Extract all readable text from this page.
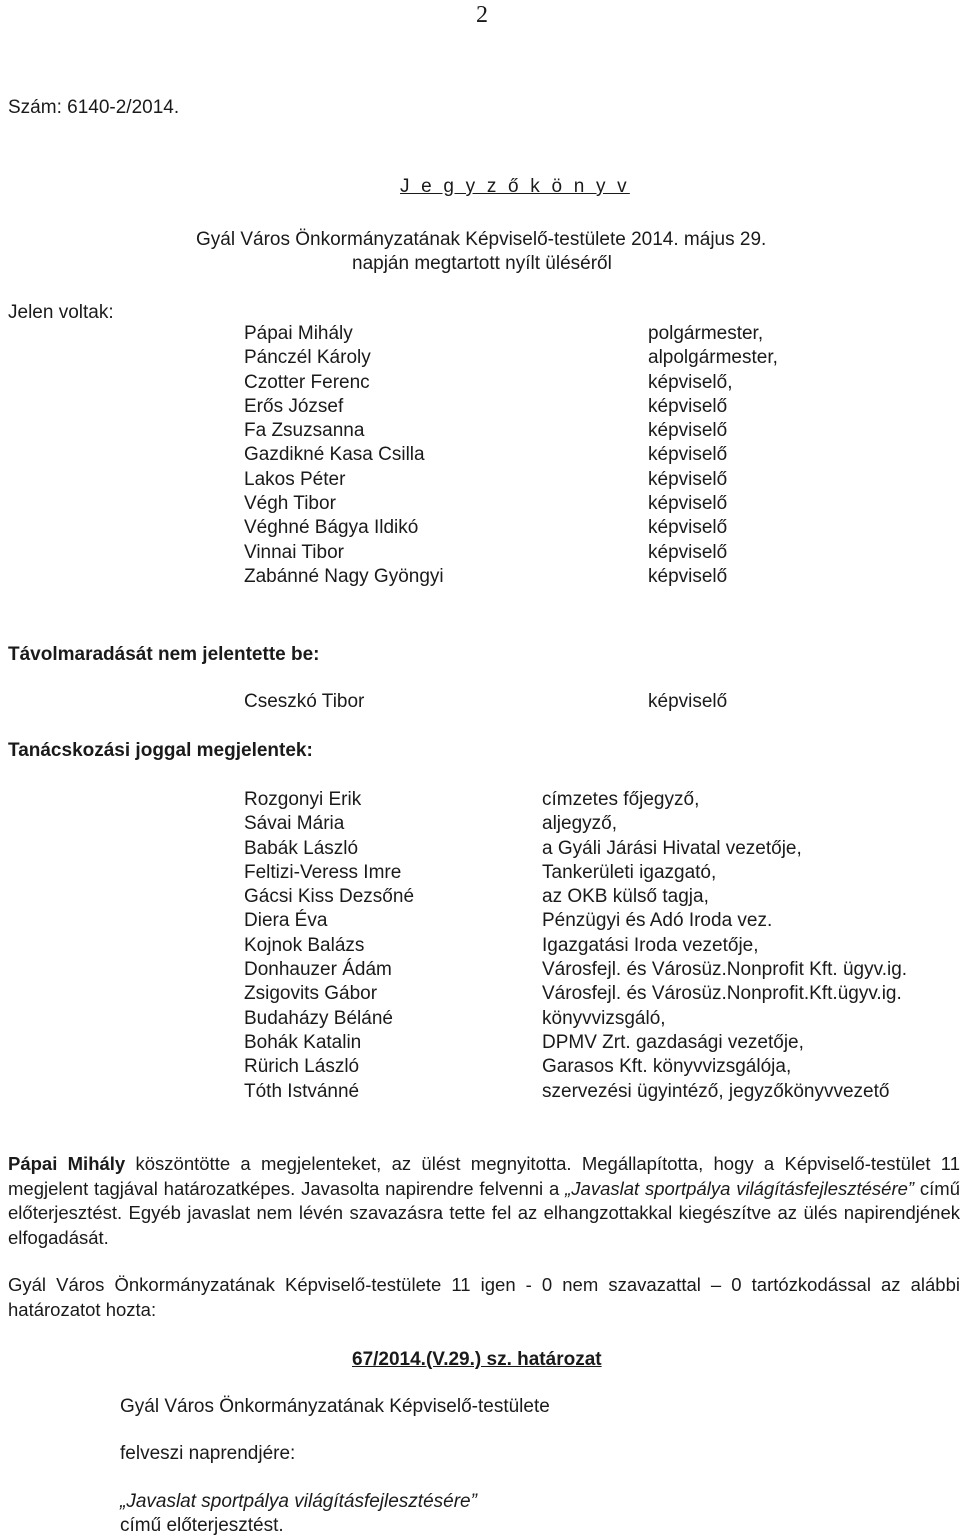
2
Szám: 6140-2/2014.
J e g y z ő k ö n y v
Gyál Város Önkormányzatának Képviselő-testülete 2014. május 29.
napján megtartott nyílt üléséről
Jelen voltak:
Pápai Mihály
Pánczél Károly
Czotter Ferenc
Erős József
Fa Zsuzsanna
Gazdikné Kasa Csilla
Lakos Péter
Végh Tibor
Véghné Bágya Ildikó
Vinnai Tibor
Zabánné Nagy Gyöngyi
polgármester,
alpolgármester,
képviselő,
képviselő
képviselő
képviselő
képviselő
képviselő
képviselő
képviselő
képviselő
Távolmaradását nem jelentette be:
Cseszkó Tibor	képviselő
Tanácskozási joggal megjelentek:
Rozgonyi Erik
Sávai Mária
Babák László
Feltizi-Veress Imre
Gácsi Kiss Dezsőné
Diera Éva
Kojnok Balázs
Donhauzer Ádám
Zsigovits Gábor
Budaházy Béláné
Bohák Katalin
Rürich László
Tóth Istvánné
címzetes főjegyző,
aljegyző,
a Gyáli Járási Hivatal vezetője,
Tankerületi igazgató,
az OKB külső tagja,
Pénzügyi és Adó Iroda vez.
Igazgatási Iroda vezetője,
Városfejl. és Városüz.Nonprofit Kft. ügyv.ig.
Városfejl. és Városüz.Nonprofit.Kft.ügyv.ig.
könyvvizsgáló,
DPMV Zrt. gazdasági vezetője,
Garasos Kft. könyvvizsgálója,
szervezési ügyintéző, jegyzőkönyvvezető
Pápai Mihály köszöntötte a megjelenteket, az ülést megnyitotta. Megállapította, hogy a Képviselő-testület 11 megjelent tagjával határozatképes. Javasolta napirendre felvenni a „Javaslat sportpálya világításfejlesztésére” című előterjesztést. Egyéb javaslat nem lévén szavazásra tette fel az elhangzottakkal kiegészítve az ülés napirendjének elfogadását.
Gyál Város Önkormányzatának Képviselő-testülete 11 igen - 0 nem szavazattal – 0 tartózkodással az alábbi határozatot hozta:
67/2014.(V.29.) sz. határozat
Gyál Város Önkormányzatának Képviselő-testülete
felveszi naprendjére:
„Javaslat sportpálya világításfejlesztésére”
című előterjesztést.
